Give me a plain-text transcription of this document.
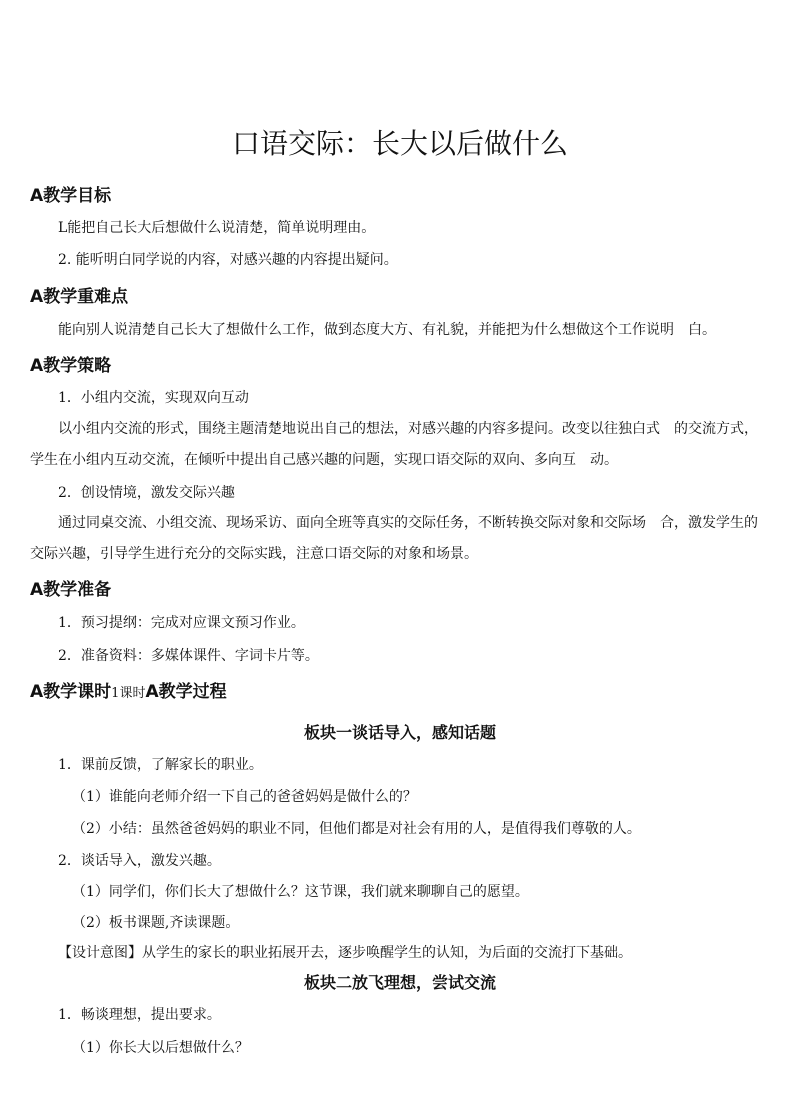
口语交际：长大以后做什么
A教学目标
L能把自己长大后想做什么说清楚，简单说明理由。
2. 能听明白同学说的内容，对感兴趣的内容提出疑问。
A教学重难点
能向别人说清楚自己长大了想做什么工作，做到态度大方、有礼貌，并能把为什么想做这个工作说明　白。
A教学策略
1．小组内交流，实现双向互动
以小组内交流的形式，围绕主题清楚地说出自己的想法，对感兴趣的内容多提问。改变以往独白式　的交流方式，学生在小组内互动交流，在倾听中提出自己感兴趣的问题，实现口语交际的双向、多向互　动。
2．创设情境，激发交际兴趣
通过同桌交流、小组交流、现场采访、面向全班等真实的交际任务，不断转换交际对象和交际场　合，激发学生的交际兴趣，引导学生进行充分的交际实践，注意口语交际的对象和场景。
A教学准备
1．预习提纲：完成对应课文预习作业。
2．准备资料：多媒体课件、字词卡片等。
A教学课时1课时A教学过程
板块一谈话导入，感知话题
1．课前反馈，了解家长的职业。
（1）谁能向老师介绍一下自己的爸爸妈妈是做什么的？
（2）小结：虽然爸爸妈妈的职业不同，但他们都是对社会有用的人，是值得我们尊敬的人。
2．谈话导入，激发兴趣。
（1）同学们，你们长大了想做什么？这节课，我们就来聊聊自己的愿望。
（2）板书课题,齐读课题。
【设计意图】从学生的家长的职业拓展开去，逐步唤醒学生的认知，为后面的交流打下基础。
板块二放飞理想，尝试交流
1．畅谈理想，提出要求。
（1）你长大以后想做什么？
